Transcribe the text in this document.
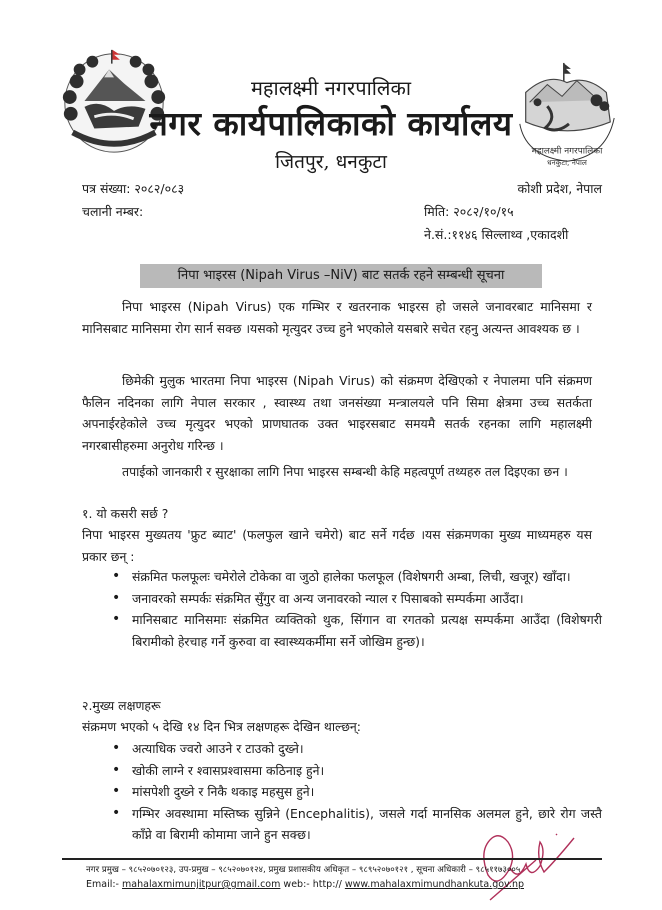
महालक्ष्मी नगरपालिका
धनकुटा, नेपाल
महालक्ष्मी नगरपालिका
नगर कार्यपालिकाको कार्यालय
जितपुर, धनकुटा
पत्र संख्या: २०८२/०८३
चलानी नम्बर:
कोशी प्रदेश, नेपाल
मिति: २०८२/१०/१५
ने.सं.:११४६ सिल्लाथ्व ,एकादशी
निपा भाइरस (Nipah Virus –NiV) बाट सतर्क रहने सम्बन्धी सूचना
निपा भाइरस (Nipah Virus) एक गम्भिर र खतरनाक भाइरस हो जसले जनावरबाट मानिसमा र मानिसबाट मानिसमा रोग सार्न सक्छ ।यसको मृत्युदर उच्च हुने भएकोले यसबारे सचेत रहनु अत्यन्त आवश्यक छ ।
छिमेकी मुलुक भारतमा निपा भाइरस (Nipah Virus) को संक्रमण देखिएको र नेपालमा पनि संक्रमण फैलिन नदिनका लागि नेपाल सरकार , स्वास्थ्य तथा जनसंख्या मन्त्रालयले पनि सिमा क्षेत्रमा उच्च सतर्कता अपनाईरहेकोले उच्च मृत्युदर भएको प्राणघातक उक्त भाइरसबाट समयमै सतर्क रहनका लागि महालक्ष्मी नगरबासीहरुमा अनुरोध गरिन्छ ।
तपाईको जानकारी र सुरक्षाका लागि निपा भाइरस सम्बन्धी केहि महत्वपूर्ण तथ्यहरु तल दिइएका छन ।
१. यो कसरी सर्छ ?
निपा भाइरस मुख्यतय 'फ्रुट ब्याट' (फलफुल खाने चमेरो) बाट सर्ने गर्दछ ।यस संक्रमणका मुख्य माध्यमहरु यस प्रकार छन् :
• संक्रमित फलफूलः चमेरोले टोकेका वा जुठो हालेका फलफूल (विशेषगरी अम्बा, लिची, खजूर) खाँदा।
• जनावरको सम्पर्कः संक्रमित सुँगुर वा अन्य जनावरको न्याल र पिसाबको सम्पर्कमा आउँदा।
• मानिसबाट मानिसमाः संक्रमित व्यक्तिको थुक, सिंगान वा रगतको प्रत्यक्ष सम्पर्कमा आउँदा (विशेषगरी बिरामीको हेरचाह गर्ने कुरुवा वा स्वास्थ्यकर्मीमा सर्ने जोखिम हुन्छ)।
२.मुख्य लक्षणहरू
संक्रमण भएको ५ देखि १४ दिन भित्र लक्षणहरू देखिन थाल्छन्:
• अत्याधिक ज्वरो आउने र टाउको दुख्ने।
• खोकी लाग्ने र श्वासप्रश्वासमा कठिनाइ हुने।
• मांसपेशी दुख्ने र निकै थकाइ महसुस हुने।
• गम्भिर अवस्थामा मस्तिष्क सुन्निने (Encephalitis), जसले गर्दा मानसिक अलमल हुने, छारे रोग जस्तै काँप्ने वा बिरामी कोमामा जाने हुन सक्छ।
नगर प्रमुख – ९८५२०७०१२३, उप-प्रमुख – ९८५२०७०१२४, प्रमुख प्रशासकीय अधिकृत – ९८९५२०७०१२१ , सूचना अधिकारी – ९८५११७३००५
Email:- mahalaxmimunjitpur@gmail.com web:- http:// www.mahalaxmimundhankuta.gov.np
